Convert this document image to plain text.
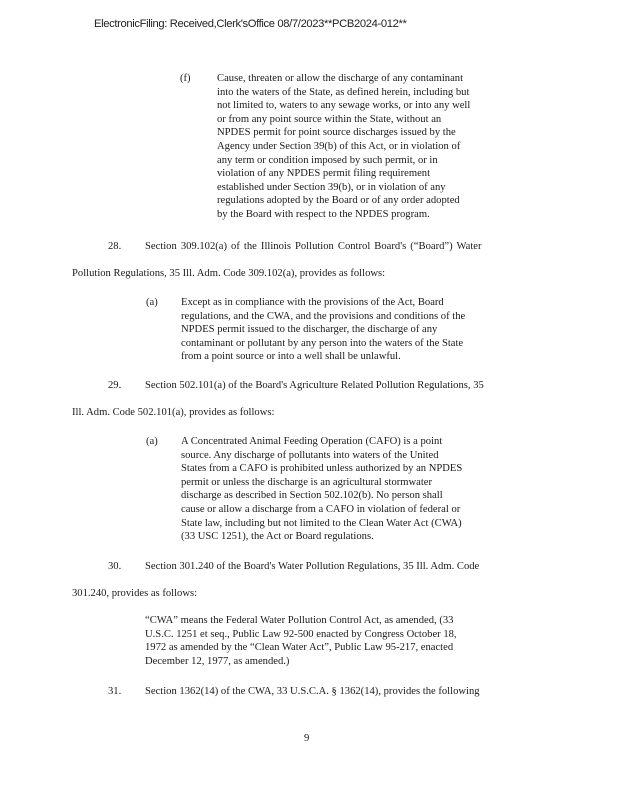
ElectronicFiling: Received,Clerk'sOffice 08/7/2023**PCB2024-012**
(f) Cause, threaten or allow the discharge of any contaminant
into the waters of the State, as defined herein, including but
not limited to, waters to any sewage works, or into any well
or from any point source within the State, without an
NPDES permit for point source discharges issued by the
Agency under Section 39(b) of this Act, or in violation of
any term or condition imposed by such permit, or in
violation of any NPDES permit filing requirement
established under Section 39(b), or in violation of any
regulations adopted by the Board or of any order adopted
by the Board with respect to the NPDES program.
28. Section 309.102(a) of the Illinois Pollution Control Board's (“Board”) Water
Pollution Regulations, 35 Ill. Adm. Code 309.102(a), provides as follows:
(a) Except as in compliance with the provisions of the Act, Board
regulations, and the CWA, and the provisions and conditions of the
NPDES permit issued to the discharger, the discharge of any
contaminant or pollutant by any person into the waters of the State
from a point source or into a well shall be unlawful.
29. Section 502.101(a) of the Board's Agriculture Related Pollution Regulations, 35
Ill. Adm. Code 502.101(a), provides as follows:
(a) A Concentrated Animal Feeding Operation (CAFO) is a point
source. Any discharge of pollutants into waters of the United
States from a CAFO is prohibited unless authorized by an NPDES
permit or unless the discharge is an agricultural stormwater
discharge as described in Section 502.102(b). No person shall
cause or allow a discharge from a CAFO in violation of federal or
State law, including but not limited to the Clean Water Act (CWA)
(33 USC 1251), the Act or Board regulations.
30. Section 301.240 of the Board's Water Pollution Regulations, 35 Ill. Adm. Code
301.240, provides as follows:
“CWA” means the Federal Water Pollution Control Act, as amended, (33
U.S.C. 1251 et seq., Public Law 92-500 enacted by Congress October 18,
1972 as amended by the “Clean Water Act”, Public Law 95-217, enacted
December 12, 1977, as amended.)
31. Section 1362(14) of the CWA, 33 U.S.C.A. § 1362(14), provides the following
9
